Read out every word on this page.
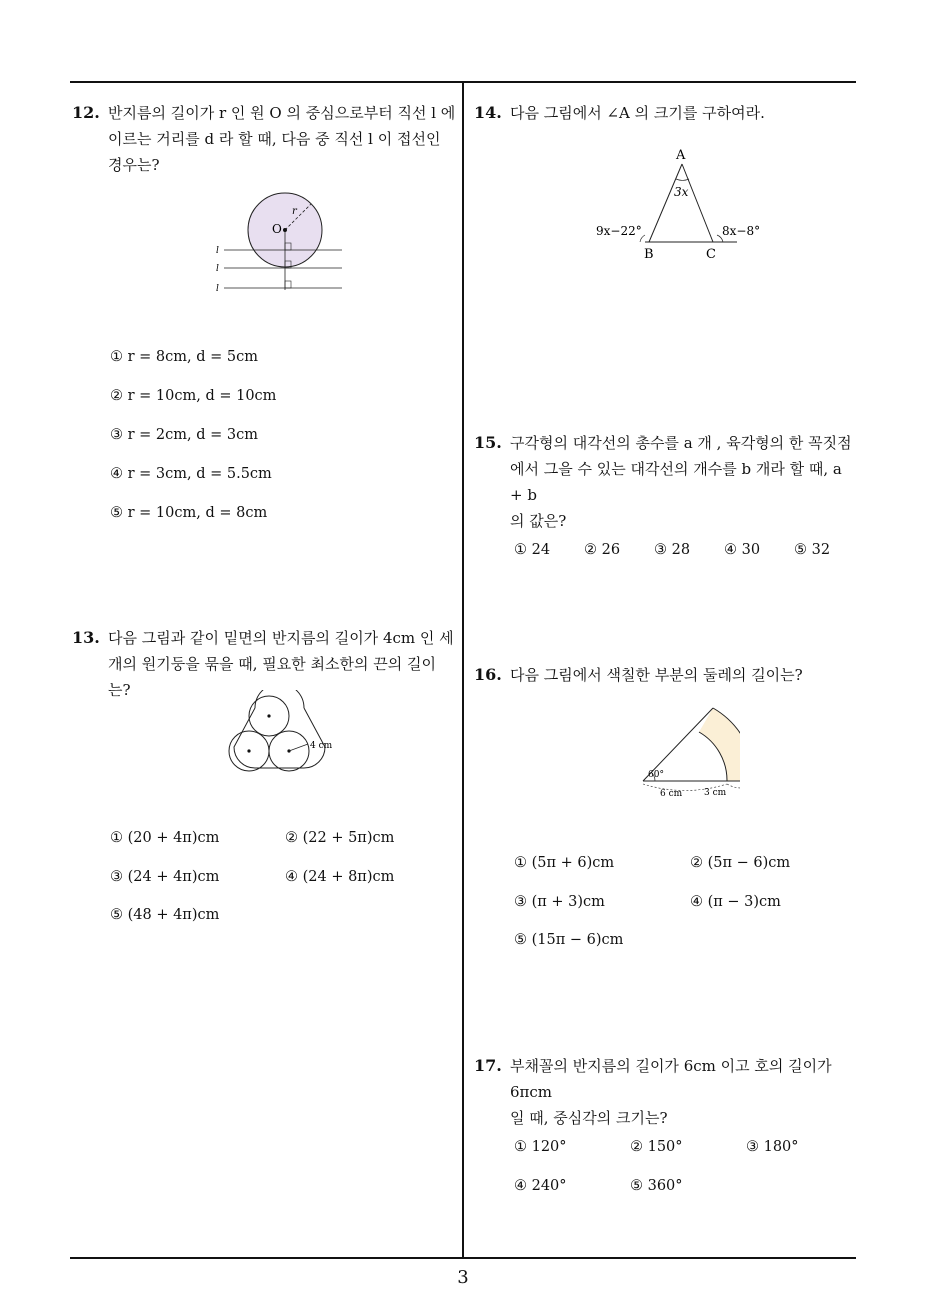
12. 반지름의 길이가 r 인 원 O 의 중심으로부터 직선 l 에
이르는 거리를 d 라 할 때, 다음 중 직선 l 이 접선인
경우는?
O
r
l
l
l
① r = 8cm, d = 5cm
② r = 10cm, d = 10cm
③ r = 2cm, d = 3cm
④ r = 3cm, d = 5.5cm
⑤ r = 10cm, d = 8cm
13. 다음 그림과 같이 밑면의 반지름의 길이가 4cm 인 세
개의 원기둥을 묶을 때, 필요한 최소한의 끈의 길이는?
4 cm
① (20 + 4π)cm	② (22 + 5π)cm
③ (24 + 4π)cm	④ (24 + 8π)cm
⑤ (48 + 4π)cm
14. 다음 그림에서 ∠A 의 크기를 구하여라.
A
B	C
3x
9x−22°	8x−8°
15. 구각형의 대각선의 총수를 a 개 , 육각형의 한 꼭짓점
에서 그을 수 있는 대각선의 개수를 b 개라 할 때, a + b
의 값은?
① 24 ② 26 ③ 28 ④ 30 ⑤ 32
16. 다음 그림에서 색칠한 부분의 둘레의 길이는?
60°
6 cm 3 cm
① (5π + 6)cm	② (5π − 6)cm
③ (π + 3)cm	④ (π − 3)cm
⑤ (15π − 6)cm
17. 부채꼴의 반지름의 길이가 6cm 이고 호의 길이가 6πcm
일 때, 중심각의 크기는?
① 120°	② 150°	③ 180°
④ 240°	⑤ 360°
3
